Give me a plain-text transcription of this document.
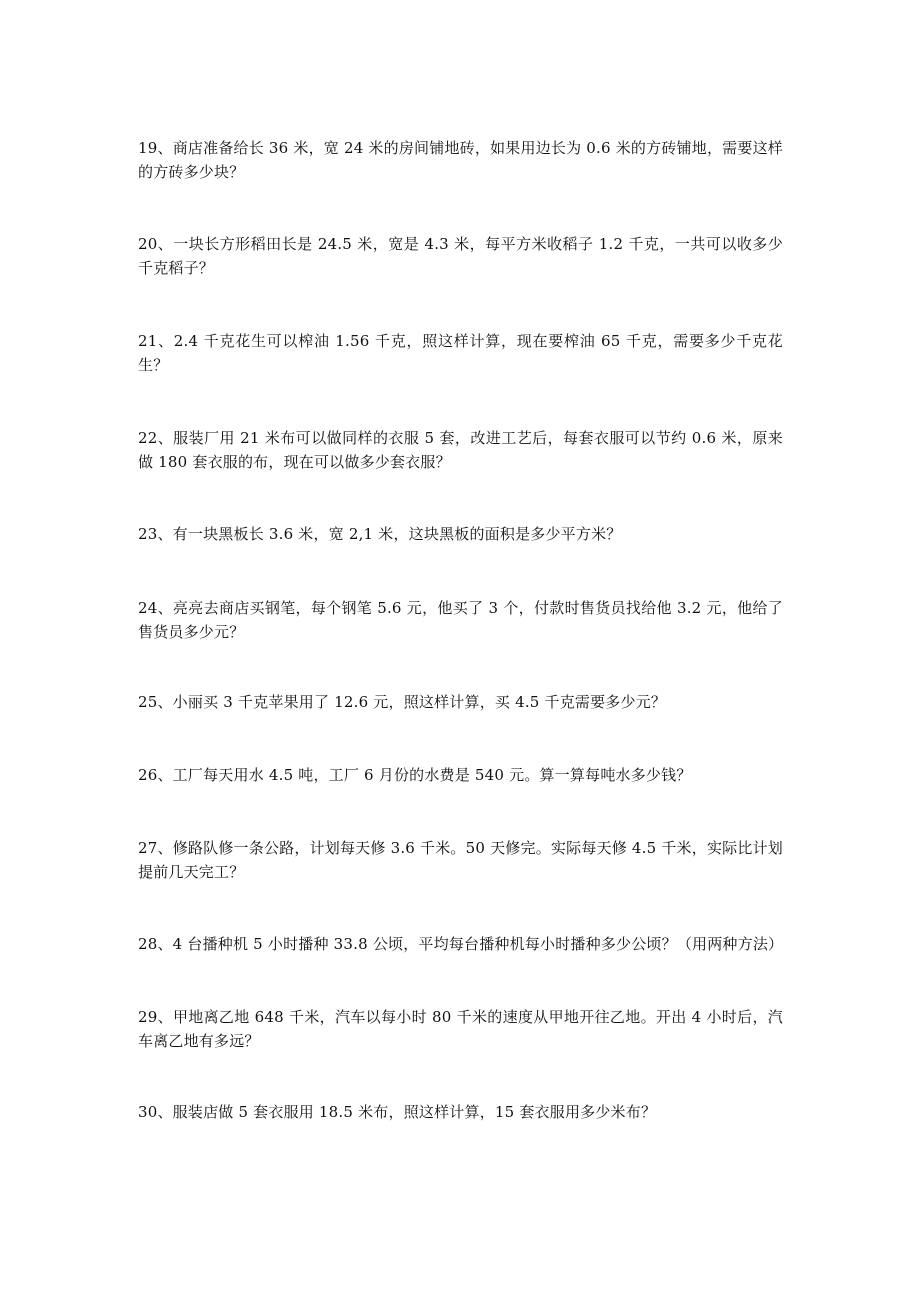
19、商店准备给长 36 米，宽 24 米的房间铺地砖，如果用边长为 0.6 米的方砖铺地，需要这样的方砖多少块？

20、一块长方形稻田长是 24.5 米，宽是 4.3 米，每平方米收稻子 1.2 千克，一共可以收多少千克稻子？

21、2.4 千克花生可以榨油 1.56 千克，照这样计算，现在要榨油 65 千克，需要多少千克花生？

22、服装厂用 21 米布可以做同样的衣服 5 套，改进工艺后，每套衣服可以节约 0.6 米，原来做 180 套衣服的布，现在可以做多少套衣服？

23、有一块黑板长 3.6 米，宽 2,1 米，这块黑板的面积是多少平方米？

24、亮亮去商店买钢笔，每个钢笔 5.6 元，他买了 3 个，付款时售货员找给他 3.2 元，他给了售货员多少元？

25、小丽买 3 千克苹果用了 12.6 元，照这样计算，买 4.5 千克需要多少元？

26、工厂每天用水 4.5 吨，工厂 6 月份的水费是 540 元。算一算每吨水多少钱？

27、修路队修一条公路，计划每天修 3.6 千米。50 天修完。实际每天修 4.5 千米，实际比计划提前几天完工？

28、4 台播种机 5 小时播种 33.8 公顷，平均每台播种机每小时播种多少公顷？（用两种方法）

29、甲地离乙地 648 千米，汽车以每小时 80 千米的速度从甲地开往乙地。开出 4 小时后，汽车离乙地有多远？

30、服装店做 5 套衣服用 18.5 米布，照这样计算，15 套衣服用多少米布？
